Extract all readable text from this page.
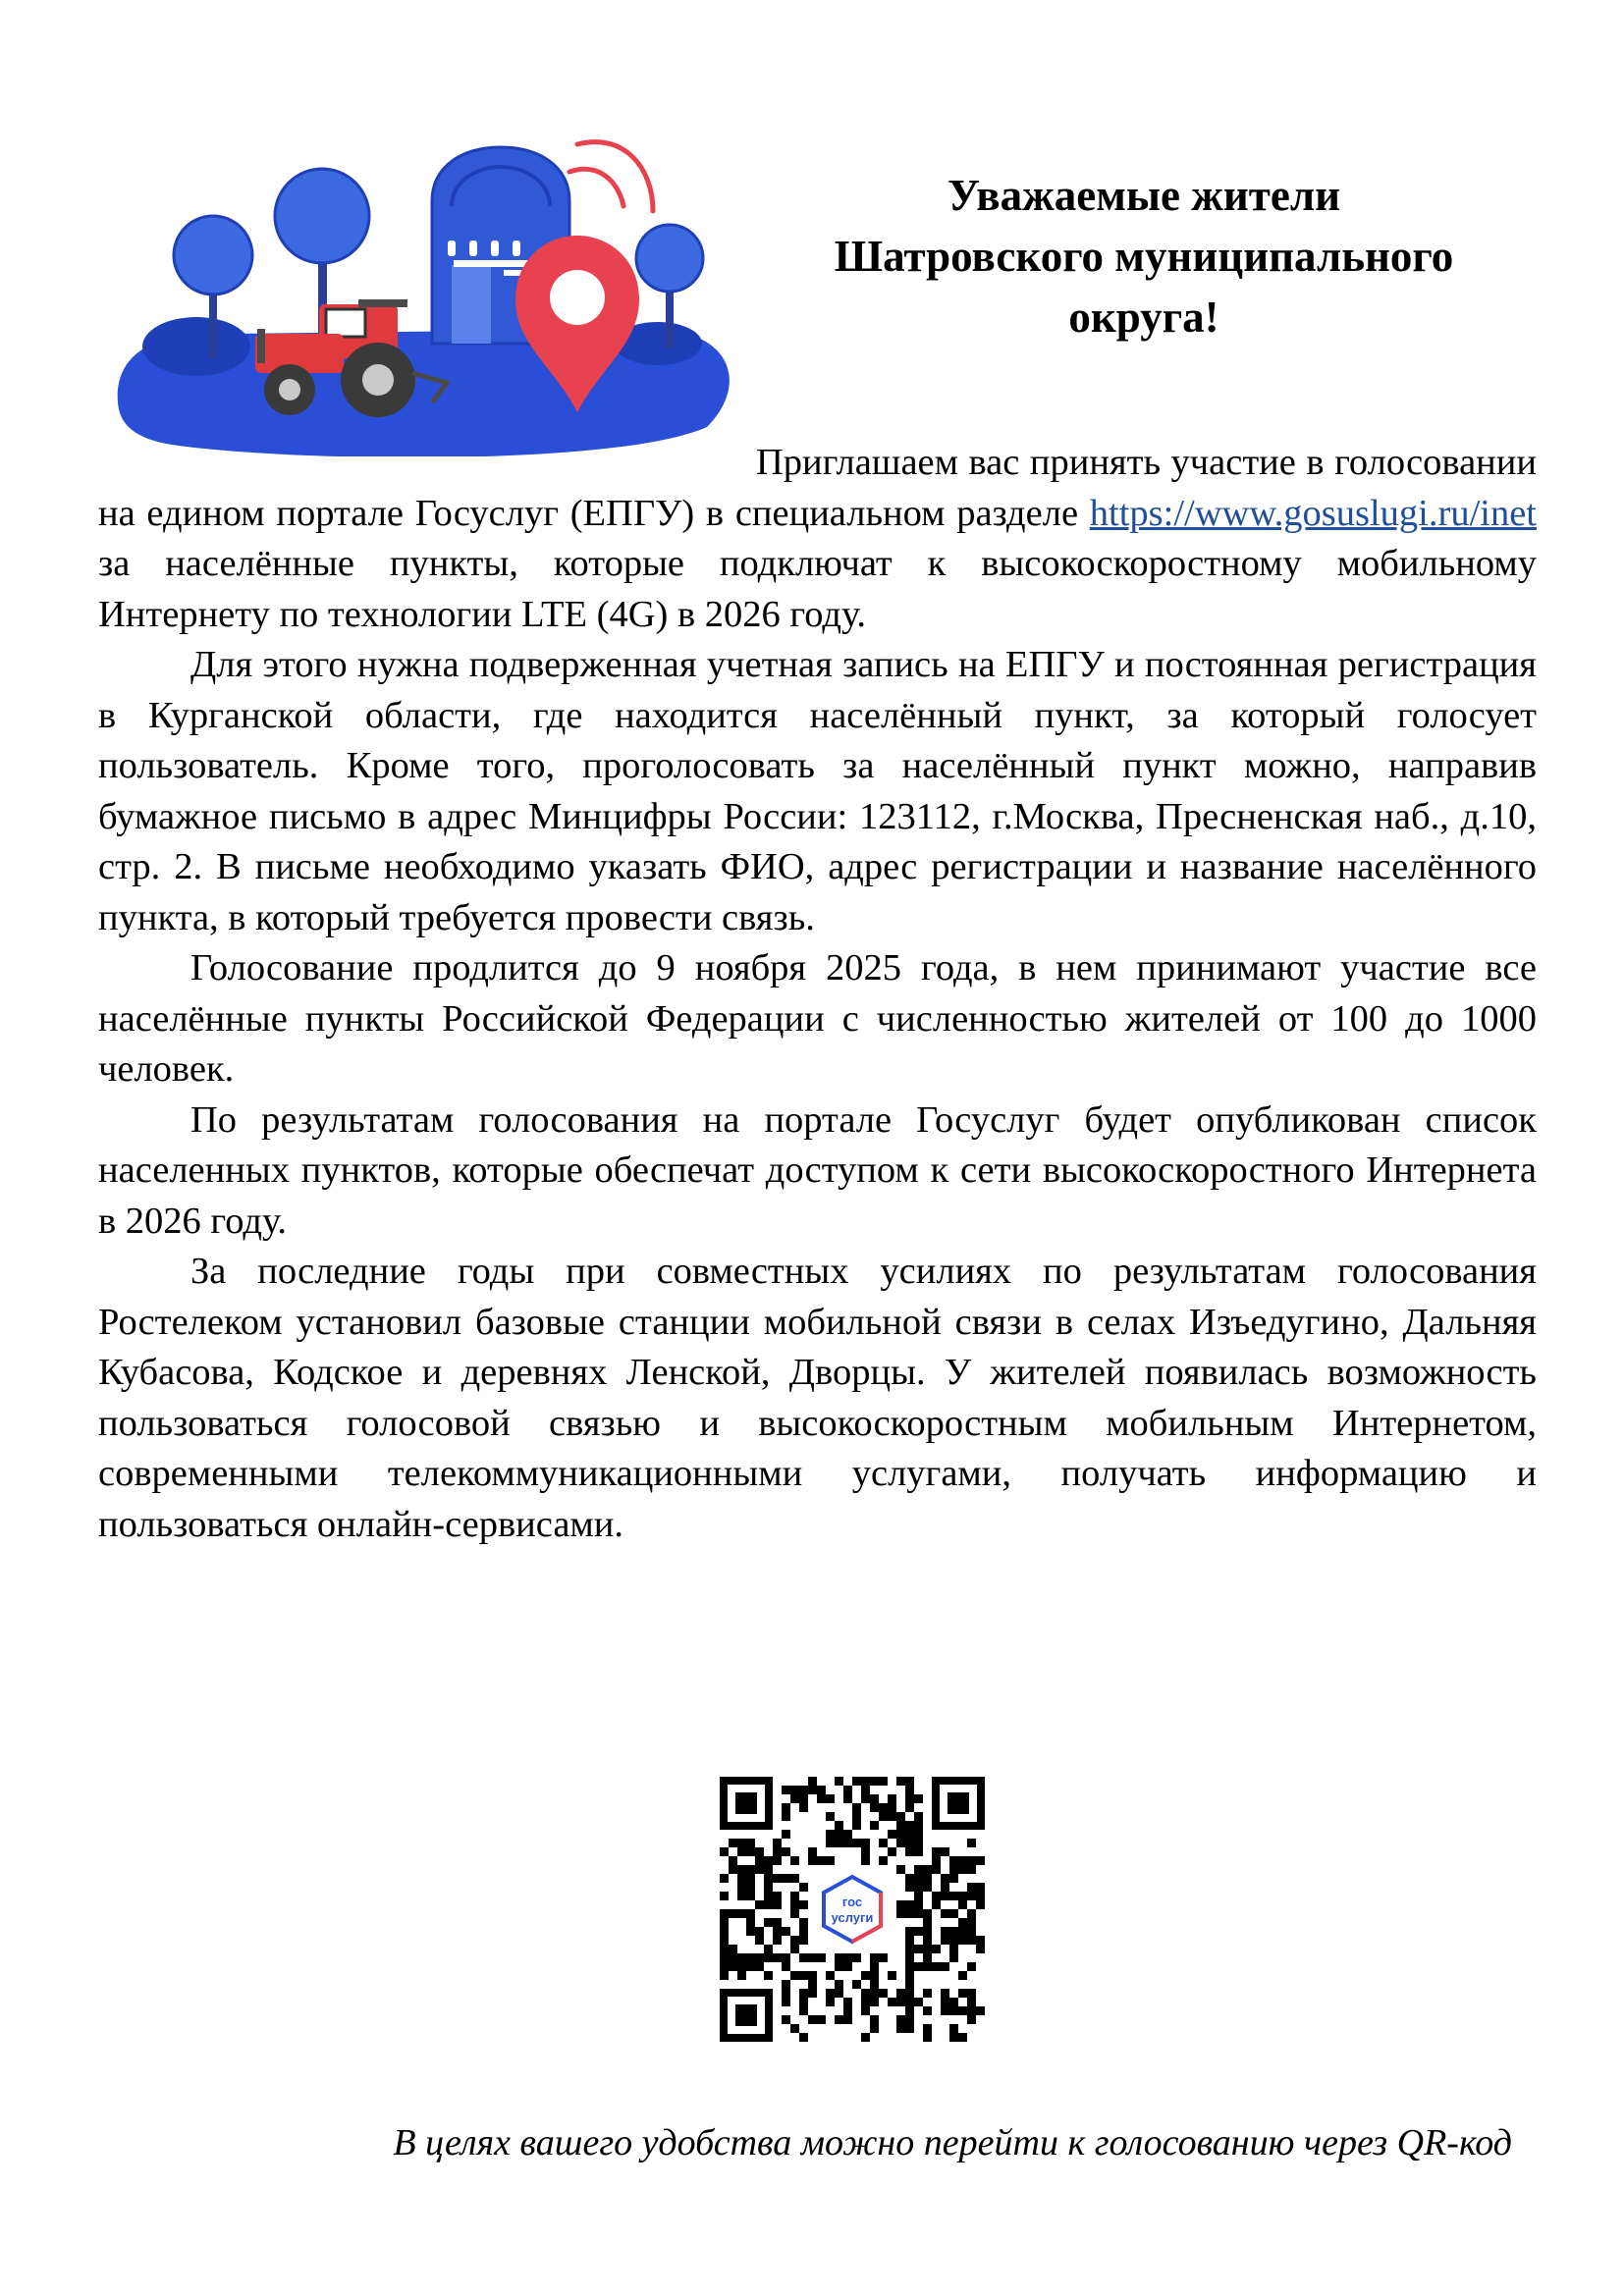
Уважаемые жители
Шатровского муниципального
округа!

Приглашаем вас принять участие в голосовании на едином портале Госуслуг (ЕПГУ) в специальном разделе https://www.gosuslugi.ru/inet за населённые пункты, которые подключат к высокоскоростному мобильному Интернету по технологии LTE (4G) в 2026 году.

Для этого нужна подверженная учетная запись на ЕПГУ и постоянная регистрация в Курганской области, где находится населённый пункт, за который голосует пользователь. Кроме того, проголосовать за населённый пункт можно, направив бумажное письмо в адрес Минцифры России: 123112, г.Москва, Пресненская наб., д.10, стр. 2. В письме необходимо указать ФИО, адрес регистрации и название населённого пункта, в который требуется провести связь.

Голосование продлится до 9 ноября 2025 года, в нем принимают участие все населённые пункты Российской Федерации с численностью жителей от 100 до 1000 человек.

По результатам голосования на портале Госуслуг будет опубликован список населенных пунктов, которые обеспечат доступом к сети высокоскоростного Интернета в 2026 году.

За последние годы при совместных усилиях по результатам голосования Ростелеком установил базовые станции мобильной связи в селах Изъедугино, Дальняя Кубасова, Кодское и деревнях Ленской, Дворцы. У жителей появилась возможность пользоваться голосовой связью и высокоскоростным мобильным Интернетом, современными телекоммуникационными услугами, получать информацию и пользоваться онлайн-сервисами.

гос
услуги
В целях вашего удобства можно перейти к голосованию через QR-код
